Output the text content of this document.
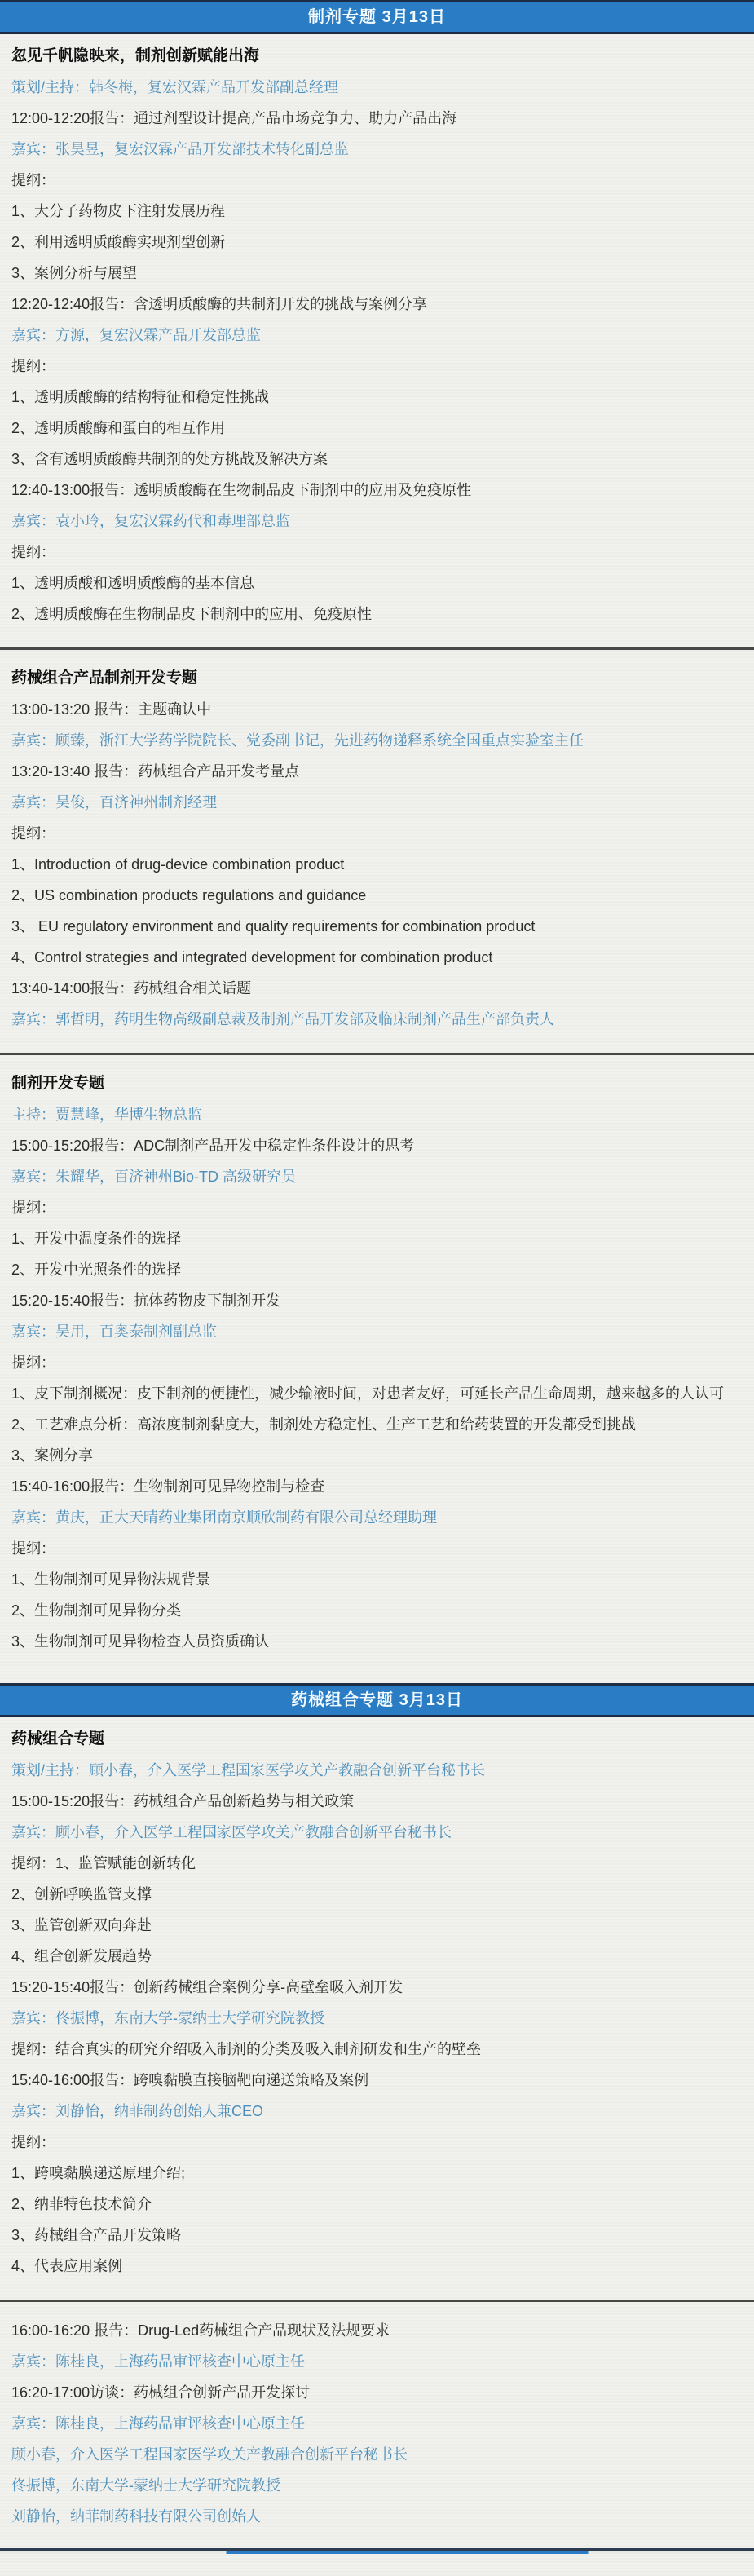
制剂专题 3月13日
忽见千帆隐映来，制剂创新赋能出海
策划/主持：韩冬梅，复宏汉霖产品开发部副总经理
12:00-12:20报告：通过剂型设计提高产品市场竞争力、助力产品出海
嘉宾：张昊昱，复宏汉霖产品开发部技术转化副总监
提纲：
1、大分子药物皮下注射发展历程
2、利用透明质酸酶实现剂型创新
3、案例分析与展望
12:20-12:40报告：含透明质酸酶的共制剂开发的挑战与案例分享
嘉宾：方源，复宏汉霖产品开发部总监
提纲：
1、透明质酸酶的结构特征和稳定性挑战
2、透明质酸酶和蛋白的相互作用
3、含有透明质酸酶共制剂的处方挑战及解决方案
12:40-13:00报告：透明质酸酶在生物制品皮下制剂中的应用及免疫原性
嘉宾：袁小玲，复宏汉霖药代和毒理部总监
提纲：
1、透明质酸和透明质酸酶的基本信息
2、透明质酸酶在生物制品皮下制剂中的应用、免疫原性
药械组合产品制剂开发专题
13:00-13:20 报告：主题确认中
嘉宾：顾臻，浙江大学药学院院长、党委副书记，先进药物递释系统全国重点实验室主任
13:20-13:40 报告：药械组合产品开发考量点
嘉宾：吴俊，百济神州制剂经理
提纲：
1、Introduction of drug-device combination product
2、US combination products regulations and guidance
3、 EU regulatory environment and quality requirements for combination product
4、Control strategies and integrated development for combination product
13:40-14:00报告：药械组合相关话题
嘉宾：郭哲明，药明生物高级副总裁及制剂产品开发部及临床制剂产品生产部负责人
制剂开发专题
主持：贾慧峰，华博生物总监
15:00-15:20报告：ADC制剂产品开发中稳定性条件设计的思考
嘉宾：朱耀华，百济神州Bio-TD 高级研究员
提纲：
1、开发中温度条件的选择
2、开发中光照条件的选择
15:20-15:40报告：抗体药物皮下制剂开发
嘉宾：吴用，百奥泰制剂副总监
提纲：
1、皮下制剂概况：皮下制剂的便捷性，减少输液时间，对患者友好，可延长产品生命周期，越来越多的人认可
2、工艺难点分析：高浓度制剂黏度大，制剂处方稳定性、生产工艺和给药装置的开发都受到挑战
3、案例分享
15:40-16:00报告：生物制剂可见异物控制与检查
嘉宾：黄庆，正大天晴药业集团南京顺欣制药有限公司总经理助理
提纲：
1、生物制剂可见异物法规背景
2、生物制剂可见异物分类
3、生物制剂可见异物检查人员资质确认
药械组合专题 3月13日
药械组合专题
策划/主持：顾小春，介入医学工程国家医学攻关产教融合创新平台秘书长
15:00-15:20报告：药械组合产品创新趋势与相关政策
嘉宾：顾小春，介入医学工程国家医学攻关产教融合创新平台秘书长
提纲：1、监管赋能创新转化
2、创新呼唤监管支撑
3、监管创新双向奔赴
4、组合创新发展趋势
15:20-15:40报告：创新药械组合案例分享-高壁垒吸入剂开发
嘉宾：佟振博，东南大学-蒙纳士大学研究院教授
提纲：结合真实的研究介绍吸入制剂的分类及吸入制剂研发和生产的壁垒
15:40-16:00报告：跨嗅黏膜直接脑靶向递送策略及案例
嘉宾：刘静怡，纳菲制药创始人兼CEO
提纲：
1、跨嗅黏膜递送原理介绍;
2、纳菲特色技术简介
3、药械组合产品开发策略
4、代表应用案例
16:00-16:20 报告：Drug-Led药械组合产品现状及法规要求
嘉宾：陈桂良，上海药品审评核查中心原主任
16:20-17:00访谈：药械组合创新产品开发探讨
嘉宾：陈桂良，上海药品审评核查中心原主任
顾小春，介入医学工程国家医学攻关产教融合创新平台秘书长
佟振博，东南大学-蒙纳士大学研究院教授
刘静怡，纳菲制药科技有限公司创始人
